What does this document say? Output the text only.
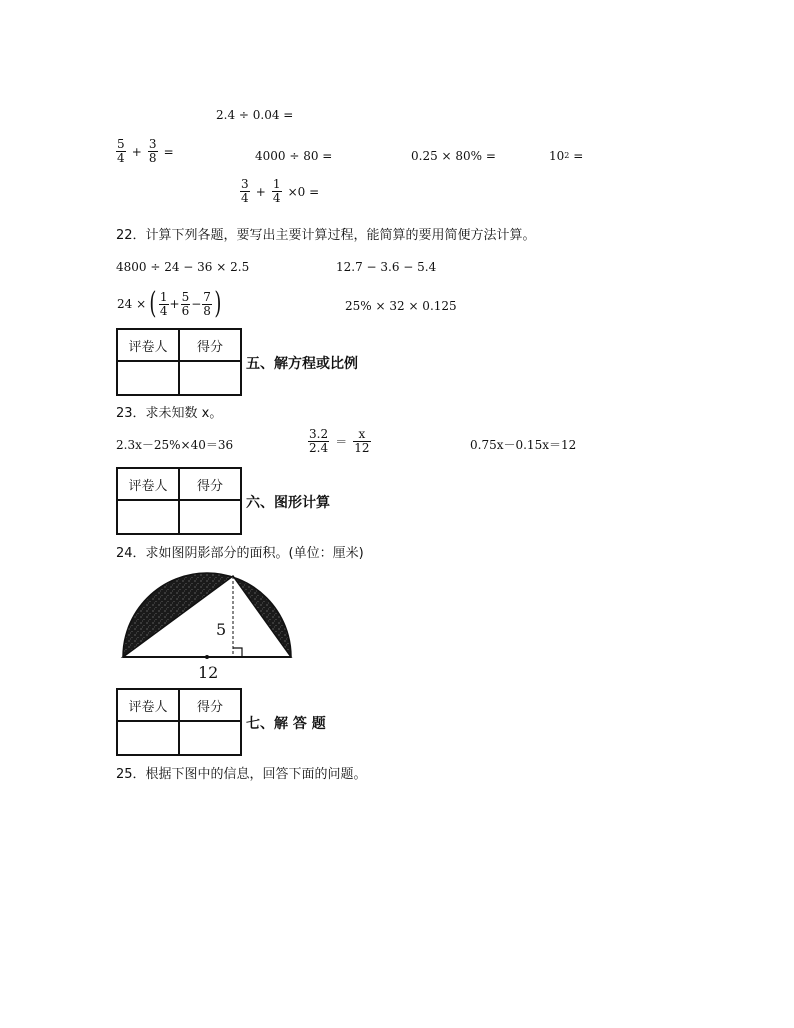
2.4 ÷ 0.04 =
$\frac{5}{4} + \frac{3}{8}$ =	4000 ÷ 80 =	0.25 × 80% =	$10^2$ =
$\frac{3}{4} + \frac{1}{4} \times 0$ =
22．计算下列各题，要写出主要计算过程，能简算的要用简便方法计算。
4800 ÷ 24 − 36 × 2.5	12.7 − 3.6 − 5.4
24 × ( $\frac{1}{4} + \frac{5}{6} - \frac{7}{8}$ )	25% × 32 × 0.125
评卷人	得分

五、解方程或比例
23．求未知数 x。
2.3x－25%×40＝36	$\frac{3.2}{2.4} = \frac{x}{12}$	0.75x－0.15x＝12
评卷人	得分

六、图形计算
24．求如图阴影部分的面积。(单位：厘米)
5
12
评卷人	得分

七、解 答 题
25．根据下图中的信息，回答下面的问题。
